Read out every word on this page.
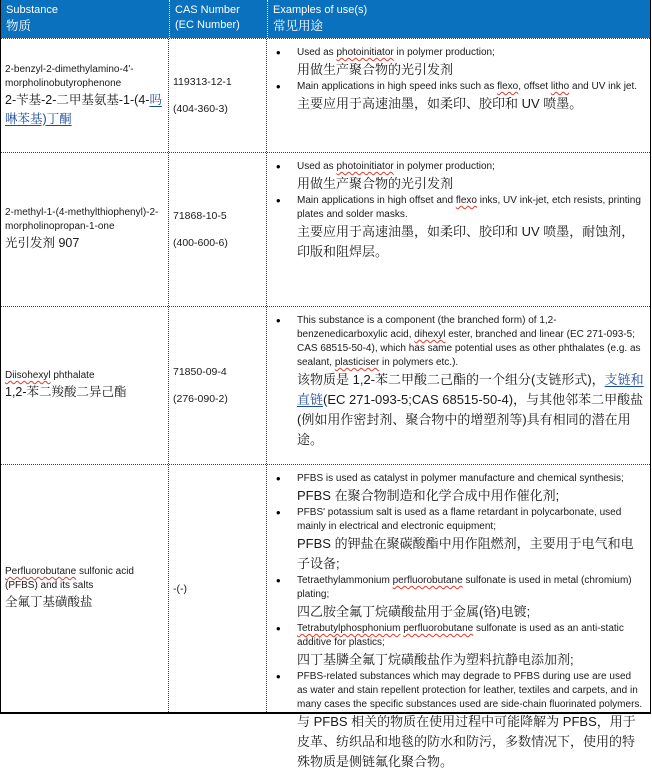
Substance
物质
CAS Number
(EC Number)
Examples of use(s)
常见用途
2-benzyl-2-dimethylamino-4'-morpholinobutyrophenone
2-苄基-2-二甲基氨基-1-(4-吗啉苯基)丁酮
119313-12-1
(404-360-3)
• Used as photoinitiator in polymer production;
用做生产聚合物的光引发剂
• Main applications in high speed inks such as flexo, offset litho and UV ink jet.
主要应用于高速油墨，如柔印、胶印和 UV 喷墨。
2-methyl-1-(4-methylthiophenyl)-2-morpholinopropan-1-one
光引发剂 907
71868-10-5
(400-600-6)
• Used as photoinitiator in polymer production;
用做生产聚合物的光引发剂
• Main applications in high offset and flexo inks, UV ink-jet, etch resists, printing plates and solder masks.
主要应用于高速油墨，如柔印、胶印和 UV 喷墨，耐蚀剂，印版和阻焊层。
Diisohexyl phthalate
1,2-苯二羧酸二异己酯
71850-09-4
(276-090-2)
• This substance is a component (the branched form) of 1,2-benzenedicarboxylic acid, dihexyl ester, branched and linear (EC 271-093-5; CAS 68515-50-4), which has same potential uses as other phthalates (e.g. as sealant, plasticiser in polymers etc.).
该物质是 1,2-苯二甲酸二己酯的一个组分(支链形式)，支链和直链(EC 271-093-5;CAS 68515-50-4)，与其他邻苯二甲酸盐(例如用作密封剂、聚合物中的增塑剂等)具有相同的潜在用途。
Perfluorobutane sulfonic acid (PFBS) and its salts
全氟丁基磺酸盐
-(-)
• PFBS is used as catalyst in polymer manufacture and chemical synthesis;
PFBS 在聚合物制造和化学合成中用作催化剂;
• PFBS' potassium salt is used as a flame retardant in polycarbonate, used mainly in electrical and electronic equipment;
PFBS 的钾盐在聚碳酸酯中用作阻燃剂，主要用于电气和电子设备;
• Tetraethylammonium perfluorobutane sulfonate is used in metal (chromium) plating;
四乙胺全氟丁烷磺酸盐用于金属(铬)电镀;
• Tetrabutylphosphonium perfluorobutane sulfonate is used as an anti-static additive for plastics;
四丁基膦全氟丁烷磺酸盐作为塑料抗静电添加剂;
• PFBS-related substances which may degrade to PFBS during use are used as water and stain repellent protection for leather, textiles and carpets, and in many cases the specific substances used are side-chain fluorinated polymers.
与 PFBS 相关的物质在使用过程中可能降解为 PFBS，用于皮革、纺织品和地毯的防水和防污，多数情况下，使用的特殊物质是侧链氟化聚合物。
